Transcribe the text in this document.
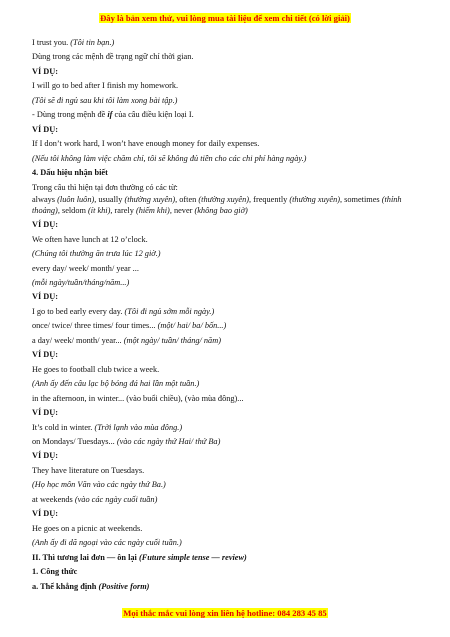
Đây là bản xem thử, vui lòng mua tài liệu để xem chi tiết (có lời giải)
I trust you. (Tôi tin bạn.)
Dùng trong các mệnh đề trạng ngữ chỉ thời gian.
VÍ DỤ:
I will go to bed after I finish my homework.
(Tôi sẽ đi ngủ sau khi tôi làm xong bài tập.)
- Dùng trong mệnh đề if của câu điều kiện loại I.
VÍ DỤ:
If I don’t work hard, I won’t have enough money for daily expenses.
(Nếu tôi không làm việc chăm chỉ, tôi sẽ không đủ tiền cho các chi phí hàng ngày.)
4. Dấu hiệu nhận biết
Trong câu thì hiện tại đơn thường có các từ:
always (luôn luôn), usually (thường xuyên), often (thường xuyên), frequently (thường xuyên), sometimes (thỉnh thoảng), seldom (ít khi), rarely (hiếm khi), never (không bao giờ)
VÍ DỤ:
We often have lunch at 12 o’clock.
(Chúng tôi thường ăn trưa lúc 12 giờ.)
every day/ week/ month/ year ...
(mỗi ngày/tuần/tháng/năm...)
VÍ DỤ:
I go to bed early every day. (Tôi đi ngủ sớm mỗi ngày.)
once/ twice/ three times/ four times... (một/ hai/ ba/ bốn...)
a day/ week/ month/ year... (một ngày/ tuần/ tháng/ năm)
VÍ DỤ:
He goes to football club twice a week.
(Anh ấy đến câu lạc bộ bóng đá hai lần một tuần.)
in the afternoon, in winter... (vào buổi chiều), (vào mùa đông)...
VÍ DỤ:
It’s cold in winter. (Trời lạnh vào mùa đông.)
on Mondays/ Tuesdays... (vào các ngày thứ Hai/ thứ Ba)
VÍ DỤ:
They have literature on Tuesdays.
(Họ học môn Văn vào các ngày thứ Ba.)
at weekends (vào các ngày cuối tuần)
VÍ DỤ:
He goes on a picnic at weekends.
(Anh ấy đi dã ngoại vào các ngày cuối tuần.)
II. Thì tương lai đơn — ôn lại (Future simple tense — review)
1. Công thức
a. Thể khẳng định (Positive form)
Mọi thắc mắc vui lòng xin liên hệ hotline: 084 283 45 85
